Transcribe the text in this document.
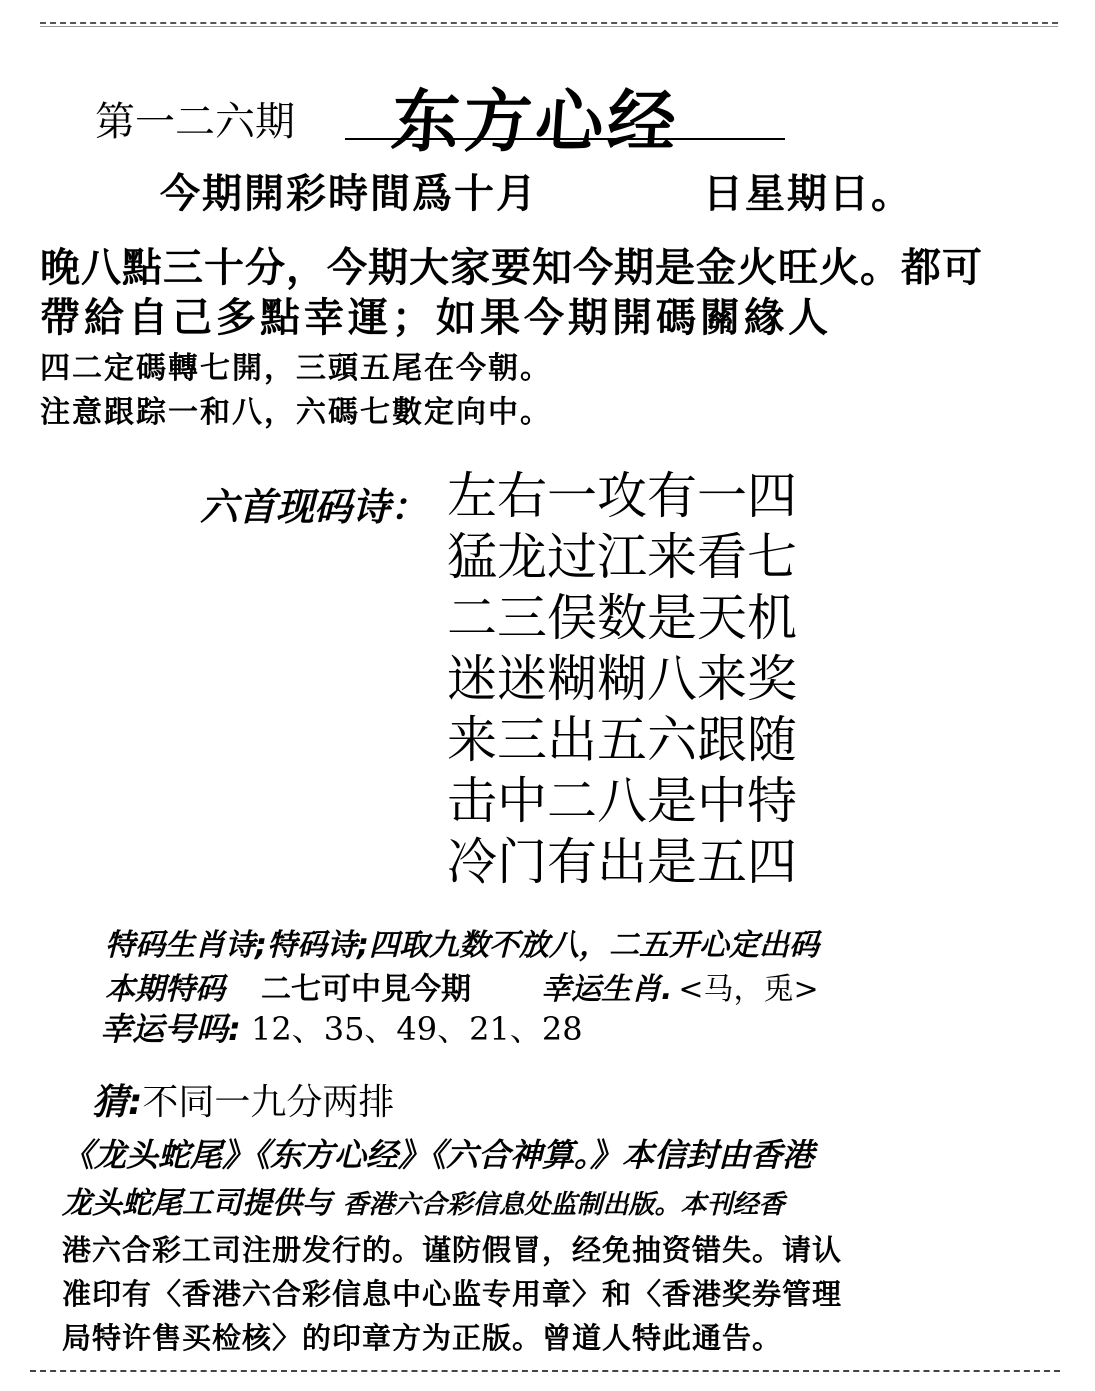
第一二六期 东方心经
今期開彩時間爲十月	日星期日。
晚八點三十分，今期大家要知今期是金火旺火。都可
帶給自己多點幸運；如果今期開碼關緣人
四二定碼轉七開，三頭五尾在今朝。
注意跟踪一和八，六碼七數定向中。
六首现码诗： 左右一攻有一四
猛龙过江来看七
二三俣数是天机
迷迷糊糊八来奖
来三出五六跟随
击中二八是中特
冷门有出是五四
特码生肖诗;特码诗;四取九数不放八，二五开心定出码
本期特码 二七可中見今期 幸运生肖. <马，兎>
幸运号吗: 12、35、49、21、28
猜:不同一九分两排
《龙头蛇尾》《东方心经》《六合神算。》本信封由香港
龙头蛇尾工司提供与 香港六合彩信息处监制出版。本刊经香
港六合彩工司注册发行的。谨防假冒，经免抽资错失。请认
准印有〈香港六合彩信息中心监专用章〉和〈香港奖券管理
局特许售买检核〉的印章方为正版。曾道人特此通告。
